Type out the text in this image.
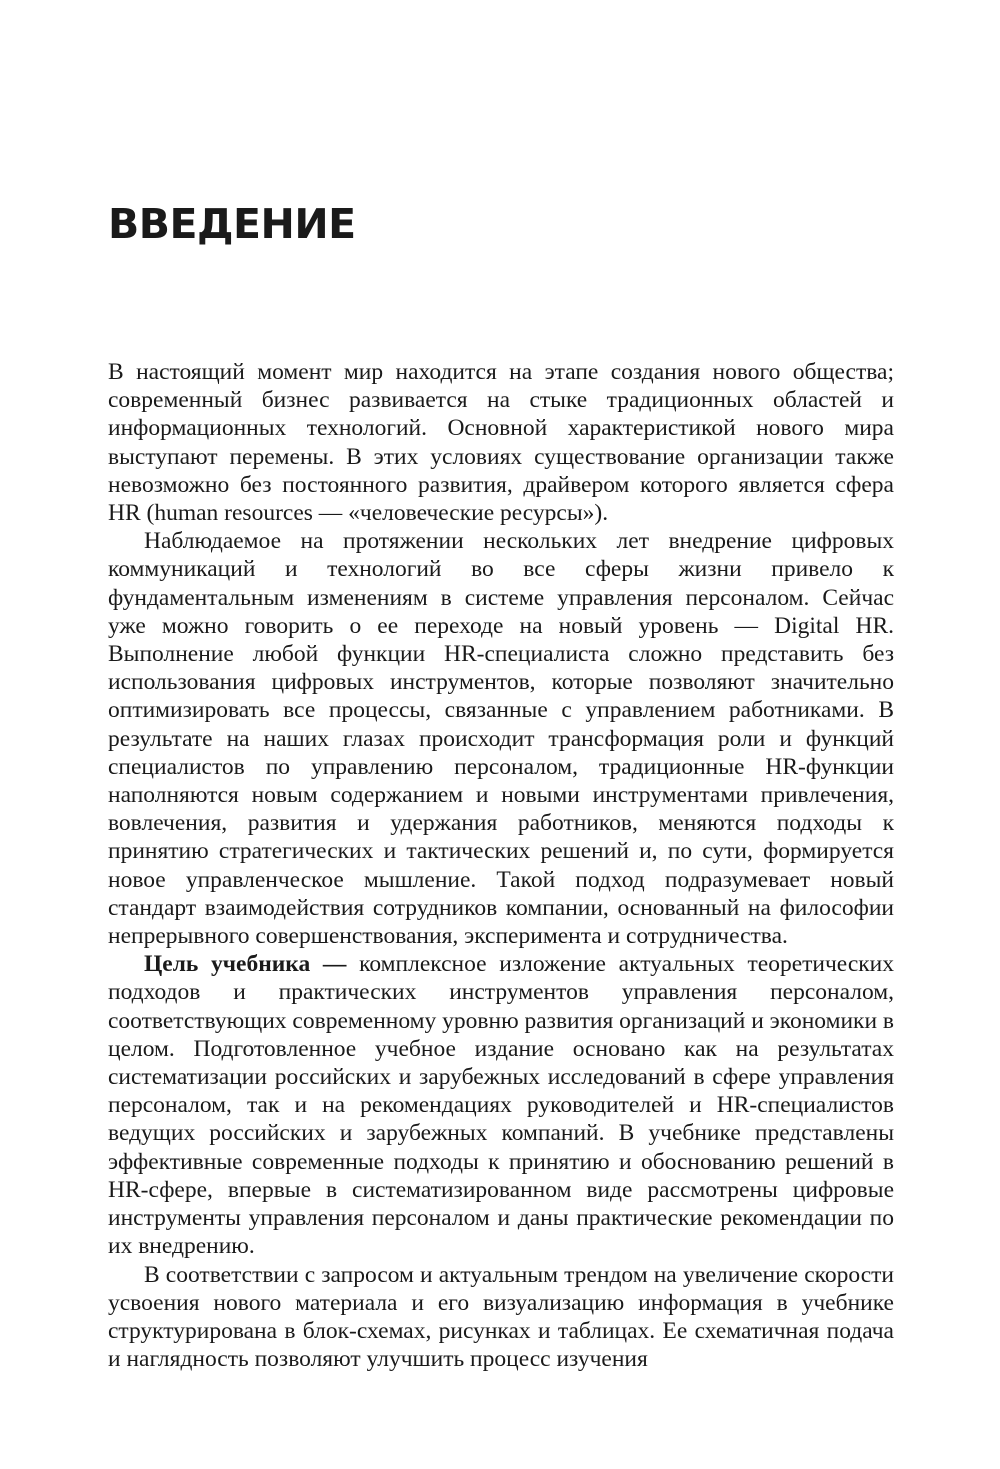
ВВЕДЕНИЕ

В настоящий момент мир находится на этапе создания нового общества; современный бизнес развивается на стыке традиционных областей и информационных технологий. Основной характеристикой нового мира выступают перемены. В этих условиях существование организации также невозможно без постоянного развития, драйвером которого является сфера HR (human resources — «человеческие ресурсы»).

Наблюдаемое на протяжении нескольких лет внедрение цифровых коммуникаций и технологий во все сферы жизни привело к фундаментальным изменениям в системе управления персоналом. Сейчас уже можно говорить о ее переходе на новый уровень — Digital HR. Выполнение любой функции HR-специалиста сложно представить без использования цифровых инструментов, которые позволяют значительно оптимизировать все процессы, связанные с управлением работниками. В результате на наших глазах происходит трансформация роли и функций специалистов по управлению персоналом, традиционные HR-функции наполняются новым содержанием и новыми инструментами привлечения, вовлечения, развития и удержания работников, меняются подходы к принятию стратегических и тактических решений и, по сути, формируется новое управленческое мышление. Такой подход подразумевает новый стандарт взаимодействия сотрудников компании, основанный на философии непрерывного совершенствования, эксперимента и сотрудничества.

Цель учебника — комплексное изложение актуальных теоретических подходов и практических инструментов управления персоналом, соответствующих современному уровню развития организаций и экономики в целом. Подготовленное учебное издание основано как на результатах систематизации российских и зарубежных исследований в сфере управления персоналом, так и на рекомендациях руководителей и HR-специалистов ведущих российских и зарубежных компаний. В учебнике представлены эффективные современные подходы к принятию и обоснованию решений в HR-сфере, впервые в систематизированном виде рассмотрены цифровые инструменты управления персоналом и даны практические рекомендации по их внедрению.

В соответствии с запросом и актуальным трендом на увеличение скорости усвоения нового материала и его визуализацию информация в учебнике структурирована в блок-схемах, рисунках и таблицах. Ее схематичная подача и наглядность позволяют улучшить процесс изучения
